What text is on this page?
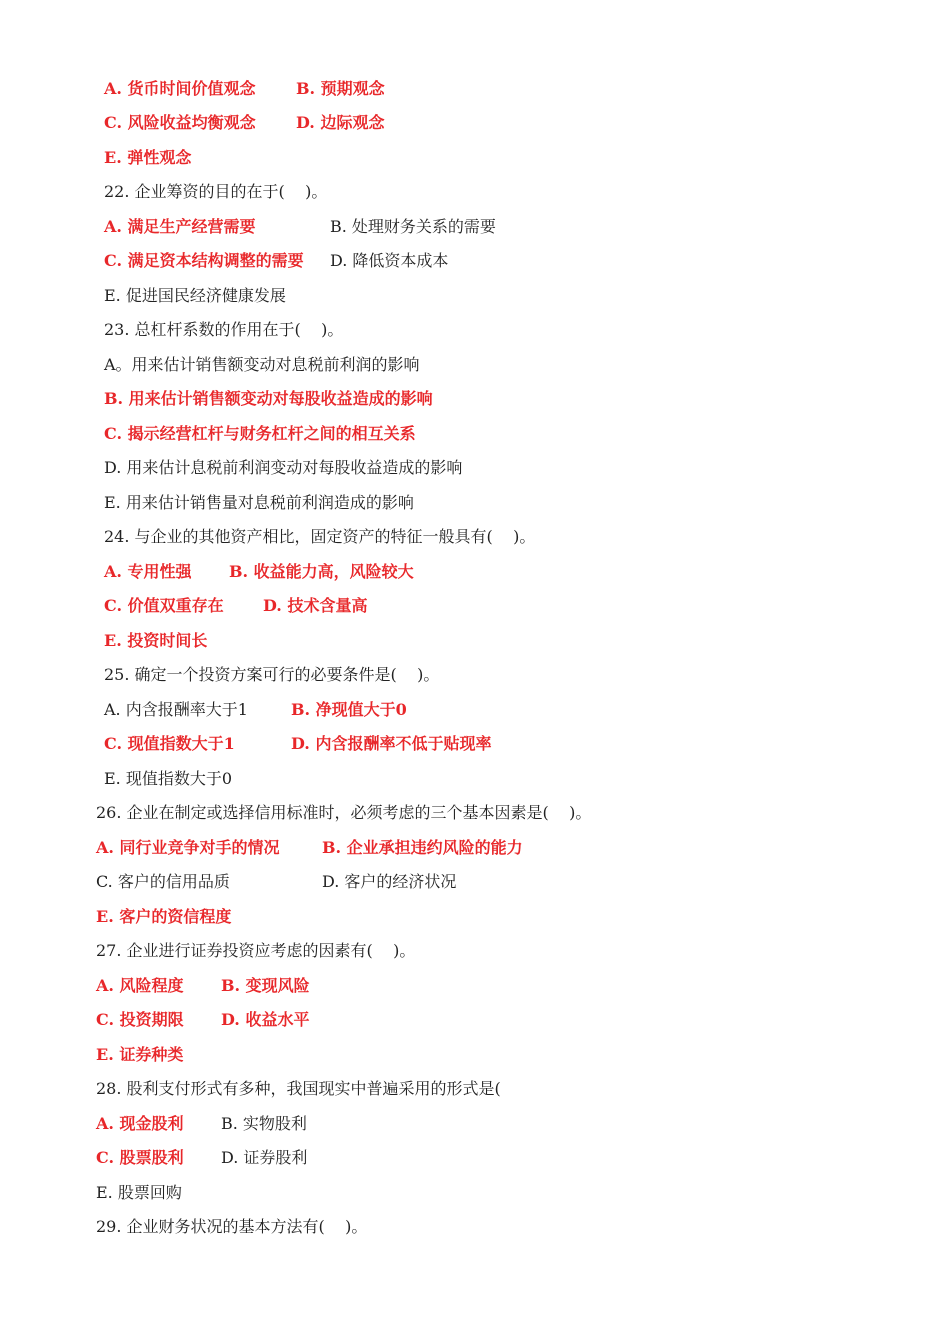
A. 货币时间价值观念

	B. 预期观念

C. 风险收益均衡观念

	D. 边际观念

E. 弹性观念

22. 企业筹资的目的在于(    )。

A. 满足生产经营需要

	B. 处理财务关系的需要

C. 满足资本结构调整的需要

D. 降低资本成本

E. 促进国民经济健康发展
23. 总杠杆系数的作用在于(    )。
A。用来估计销售额变动对息税前利润的影响
B. 用来估计销售额变动对每股收益造成的影响
C. 揭示经营杠杆与财务杠杆之间的相互关系
D. 用来估计息税前利润变动对每股收益造成的影响
E. 用来估计销售量对息税前利润造成的影响
24. 与企业的其他资产相比，固定资产的特征一般具有(    )。

A. 专用性强

B. 收益能力高，风险较大

C. 价值双重存在

D. 技术含量高

E. 投资时间长
25. 确定一个投资方案可行的必要条件是(    )。

A. 内含报酬率大于1

	B. 净现值大于0

C. 现值指数大于1

	D. 内含报酬率不低于贴现率

E. 现值指数大于0
26. 企业在制定或选择信用标准时，必须考虑的三个基本因素是(    )。

A. 同行业竞争对手的情况

	B. 企业承担违约风险的能力

C. 客户的信用品质

	D. 客户的经济状况

E. 客户的资信程度
27. 企业进行证券投资应考虑的因素有(    )。

A. 风险程度

B. 变现风险

C. 投资期限

D. 收益水平

E. 证券种类
28. 股利支付形式有多种，我国现实中普遍采用的形式是(

A. 现金股利

B. 实物股利

C. 股票股利

D. 证券股利

E. 股票回购
29. 企业财务状况的基本方法有(    )。
